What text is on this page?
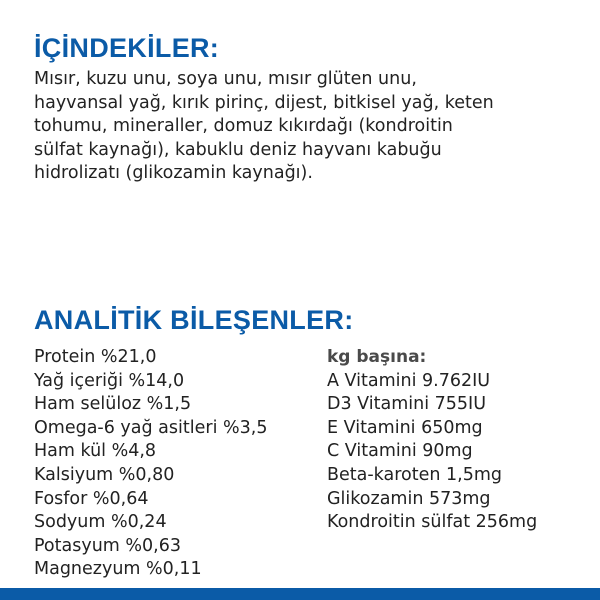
İÇİNDEKİLER:

Mısır, kuzu unu, soya unu, mısır glüten unu,
hayvansal yağ, kırık pirinç, dijest, bitkisel yağ, keten
tohumu, mineraller, domuz kıkırdağı (kondroitin
sülfat kaynağı), kabuklu deniz hayvanı kabuğu
hidrolizatı (glikozamin kaynağı).

ANALİTİK BİLEŞENLER:
Protein %21,0
Yağ içeriği %14,0
Ham selüloz %1,5
Omega-6 yağ asitleri %3,5
Ham kül %4,8
Kalsiyum %0,80
Fosfor %0,64
Sodyum %0,24
Potasyum %0,63
Magnezyum %0,11
kg başına:
A Vitamini 9.762IU
D3 Vitamini 755IU
E Vitamini 650mg
C Vitamini 90mg
Beta-karoten 1,5mg
Glikozamin 573mg
Kondroitin sülfat 256mg
